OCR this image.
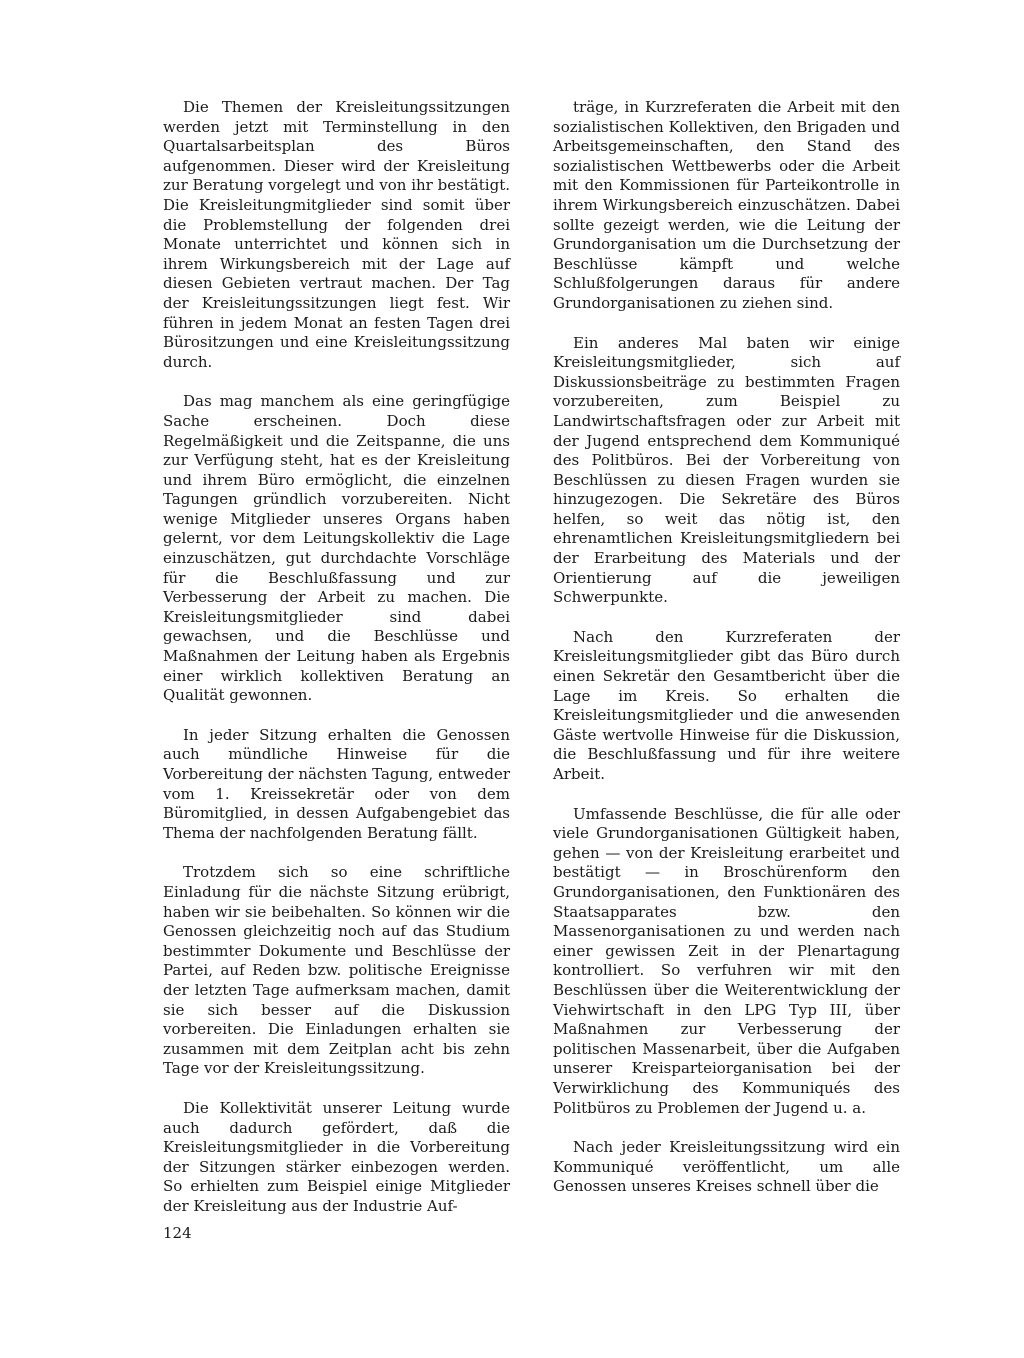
Die Themen der Kreisleitungssitzungen werden jetzt mit Terminstellung in den Quartalsarbeitsplan des Büros aufgenommen. Dieser wird der Kreisleitung zur Beratung vorgelegt und von ihr bestätigt. Die Kreisleitungmitglieder sind somit über die Problemstellung der folgenden drei Monate unterrichtet und können sich in ihrem Wirkungsbereich mit der Lage auf diesen Gebieten vertraut machen. Der Tag der Kreisleitungssitzungen liegt fest. Wir führen in jedem Monat an festen Tagen drei Bürositzungen und eine Kreisleitungssitzung durch.

Das mag manchem als eine geringfügige Sache erscheinen. Doch diese Regelmäßigkeit und die Zeitspanne, die uns zur Verfügung steht, hat es der Kreisleitung und ihrem Büro ermöglicht, die einzelnen Tagungen gründlich vorzubereiten. Nicht wenige Mitglieder unseres Organs haben gelernt, vor dem Leitungskollektiv die Lage einzuschätzen, gut durchdachte Vorschläge für die Beschlußfassung und zur Verbesserung der Arbeit zu machen. Die Kreisleitungsmitglieder sind dabei gewachsen, und die Beschlüsse und Maßnahmen der Leitung haben als Ergebnis einer wirklich kollektiven Beratung an Qualität gewonnen.

In jeder Sitzung erhalten die Genossen auch mündliche Hinweise für die Vorbereitung der nächsten Tagung, entweder vom 1. Kreissekretär oder von dem Büromitglied, in dessen Aufgabengebiet das Thema der nachfolgenden Beratung fällt.

Trotzdem sich so eine schriftliche Einladung für die nächste Sitzung erübrigt, haben wir sie beibehalten. So können wir die Genossen gleichzeitig noch auf das Studium bestimmter Dokumente und Beschlüsse der Partei, auf Reden bzw. politische Ereignisse der letzten Tage aufmerksam machen, damit sie sich besser auf die Diskussion vorbereiten. Die Einladungen erhalten sie zusammen mit dem Zeitplan acht bis zehn Tage vor der Kreisleitungssitzung.

Die Kollektivität unserer Leitung wurde auch dadurch gefördert, daß die Kreisleitungsmitglieder in die Vorbereitung der Sitzungen stärker einbezogen werden. So erhielten zum Beispiel einige Mitglieder der Kreisleitung aus der Industrie Auf-

träge, in Kurzreferaten die Arbeit mit den sozialistischen Kollektiven, den Brigaden und Arbeitsgemeinschaften, den Stand des sozialistischen Wettbewerbs oder die Arbeit mit den Kommissionen für Parteikontrolle in ihrem Wirkungsbereich einzuschätzen. Dabei sollte gezeigt werden, wie die Leitung der Grundorganisation um die Durchsetzung der Beschlüsse kämpft und welche Schlußfolgerungen daraus für andere Grundorganisationen zu ziehen sind.

Ein anderes Mal baten wir einige Kreisleitungsmitglieder, sich auf Diskussionsbeiträge zu bestimmten Fragen vorzubereiten, zum Beispiel zu Landwirtschaftsfragen oder zur Arbeit mit der Jugend entsprechend dem Kommuniqué des Politbüros. Bei der Vorbereitung von Beschlüssen zu diesen Fragen wurden sie hinzugezogen. Die Sekretäre des Büros helfen, so weit das nötig ist, den ehrenamtlichen Kreisleitungsmitgliedern bei der Erarbeitung des Materials und der Orientierung auf die jeweiligen Schwerpunkte.

Nach den Kurzreferaten der Kreisleitungsmitglieder gibt das Büro durch einen Sekretär den Gesamtbericht über die Lage im Kreis. So erhalten die Kreisleitungsmitglieder und die anwesenden Gäste wertvolle Hinweise für die Diskussion, die Beschlußfassung und für ihre weitere Arbeit.

Umfassende Beschlüsse, die für alle oder viele Grundorganisationen Gültigkeit haben, gehen — von der Kreisleitung erarbeitet und bestätigt — in Broschürenform den Grundorganisationen, den Funktionären des Staatsapparates bzw. den Massenorganisationen zu und werden nach einer gewissen Zeit in der Plenartagung kontrolliert. So verfuhren wir mit den Beschlüssen über die Weiterentwicklung der Viehwirtschaft in den LPG Typ III, über Maßnahmen zur Verbesserung der politischen Massenarbeit, über die Aufgaben unserer Kreisparteiorganisation bei der Verwirklichung des Kommuniqués des Politbüros zu Problemen der Jugend u. a.

Nach jeder Kreisleitungssitzung wird ein Kommuniqué veröffentlicht, um alle Genossen unseres Kreises schnell über die

124
